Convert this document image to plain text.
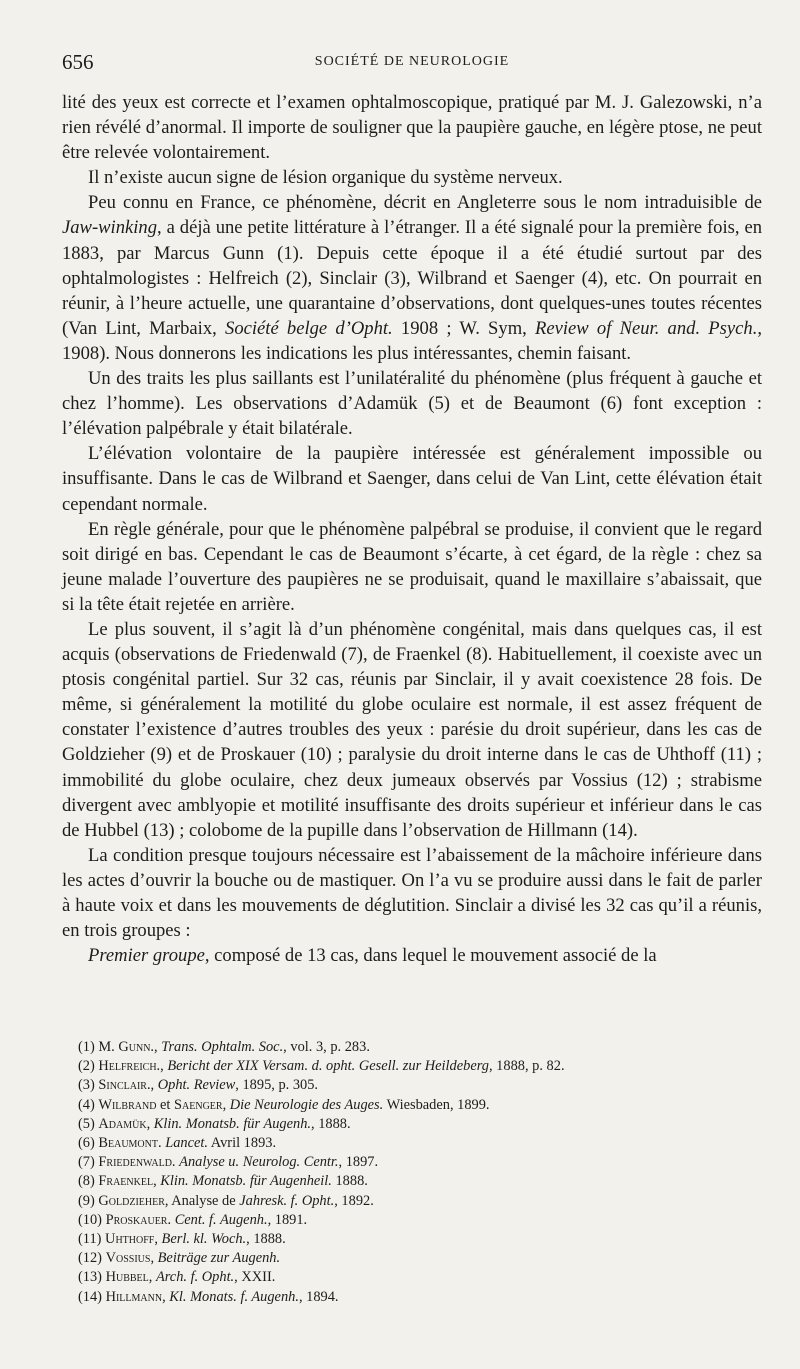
656	SOCIÉTÉ DE NEUROLOGIE

lité des yeux est correcte et l’examen ophtalmoscopique, pratiqué par M. J. Galezowski, n’a rien révélé d’anormal. Il importe de souligner que la paupière gauche, en légère ptose, ne peut être relevée volontairement.

Il n’existe aucun signe de lésion organique du système nerveux.

Peu connu en France, ce phénomène, décrit en Angleterre sous le nom intraduisible de Jaw-winking, a déjà une petite littérature à l’étranger. Il a été signalé pour la première fois, en 1883, par Marcus Gunn (1). Depuis cette époque il a été étudié surtout par des ophtalmologistes : Helfreich (2), Sinclair (3), Wilbrand et Saenger (4), etc. On pourrait en réunir, à l’heure actuelle, une quarantaine d’observations, dont quelques-unes toutes récentes (Van Lint, Marbaix, Société belge d’Opht. 1908 ; W. Sym, Review of Neur. and. Psych., 1908). Nous donnerons les indications les plus intéressantes, chemin faisant.

Un des traits les plus saillants est l’unilatéralité du phénomène (plus fréquent à gauche et chez l’homme). Les observations d’Adamük (5) et de Beaumont (6) font exception : l’élévation palpébrale y était bilatérale.

L’élévation volontaire de la paupière intéressée est généralement impossible ou insuffisante. Dans le cas de Wilbrand et Saenger, dans celui de Van Lint, cette élévation était cependant normale.

En règle générale, pour que le phénomène palpébral se produise, il convient que le regard soit dirigé en bas. Cependant le cas de Beaumont s’écarte, à cet égard, de la règle : chez sa jeune malade l’ouverture des paupières ne se produisait, quand le maxillaire s’abaissait, que si la tête était rejetée en arrière.

Le plus souvent, il s’agit là d’un phénomène congénital, mais dans quelques cas, il est acquis (observations de Friedenwald (7), de Fraenkel (8). Habituellement, il coexiste avec un ptosis congénital partiel. Sur 32 cas, réunis par Sinclair, il y avait coexistence 28 fois. De même, si généralement la motilité du globe oculaire est normale, il est assez fréquent de constater l’existence d’autres troubles des yeux : parésie du droit supérieur, dans les cas de Goldzieher (9) et de Proskauer (10) ; paralysie du droit interne dans le cas de Uhthoff (11) ; immobilité du globe oculaire, chez deux jumeaux observés par Vossius (12) ; strabisme divergent avec amblyopie et motilité insuffisante des droits supérieur et inférieur dans le cas de Hubbel (13) ; colobome de la pupille dans l’observation de Hillmann (14).

La condition presque toujours nécessaire est l’abaissement de la mâchoire inférieure dans les actes d’ouvrir la bouche ou de mastiquer. On l’a vu se produire aussi dans le fait de parler à haute voix et dans les mouvements de déglutition. Sinclair a divisé les 32 cas qu’il a réunis, en trois groupes :

Premier groupe, composé de 13 cas, dans lequel le mouvement associé de la

(1) M. Gunn., Trans. Ophtalm. Soc., vol. 3, p. 283.
(2) Helfreich., Bericht der XIX Versam. d. opht. Gesell. zur Heildeberg, 1888, p. 82.
(3) Sinclair., Opht. Review, 1895, p. 305.
(4) Wilbrand et Saenger, Die Neurologie des Auges. Wiesbaden, 1899.
(5) Adamük, Klin. Monatsb. für Augenh., 1888.
(6) Beaumont. Lancet. Avril 1893.
(7) Friedenwald. Analyse u. Neurolog. Centr., 1897.
(8) Fraenkel, Klin. Monatsb. für Augenheil. 1888.
(9) Goldzieher, Analyse de Jahresk. f. Opht., 1892.
(10) Proskauer. Cent. f. Augenh., 1891.
(11) Uhthoff, Berl. kl. Woch., 1888.
(12) Vossius, Beiträge zur Augenh.
(13) Hubbel, Arch. f. Opht., XXII.
(14) Hillmann, Kl. Monats. f. Augenh., 1894.
